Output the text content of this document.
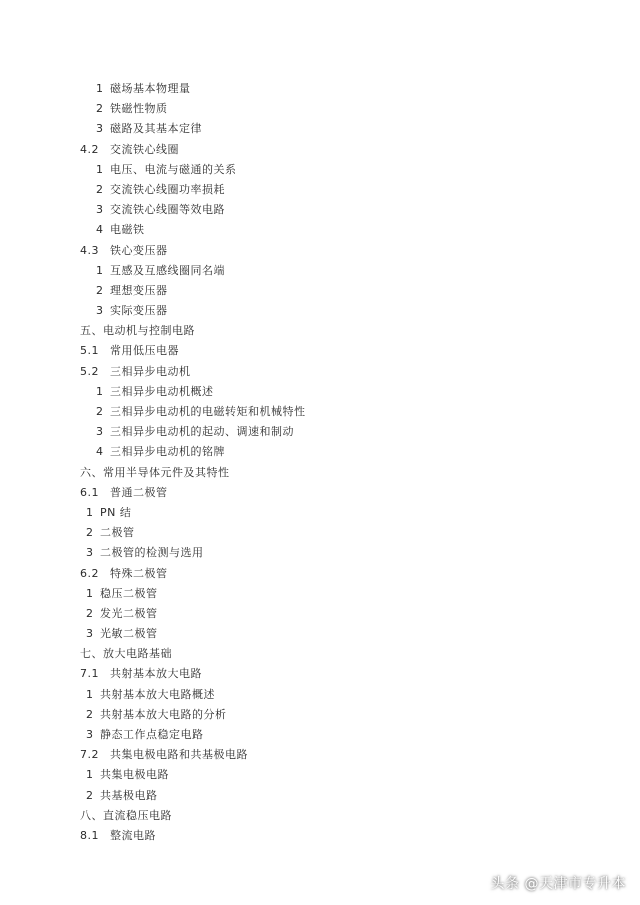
1 磁场基本物理量
2 铁磁性物质
3 磁路及其基本定律
4.2 交流铁心线圈
1 电压、电流与磁通的关系
2 交流铁心线圈功率损耗
3 交流铁心线圈等效电路
4 电磁铁
4.3 铁心变压器
1 互感及互感线圈同名端
2 理想变压器
3 实际变压器
五、电动机与控制电路
5.1 常用低压电器
5.2 三相异步电动机
1 三相异步电动机概述
2 三相异步电动机的电磁转矩和机械特性
3 三相异步电动机的起动、调速和制动
4 三相异步电动机的铭牌
六、常用半导体元件及其特性
6.1 普通二极管
1 PN 结
2 二极管
3 二极管的检测与选用
6.2 特殊二极管
1 稳压二极管
2 发光二极管
3 光敏二极管
七、放大电路基础
7.1 共射基本放大电路
1 共射基本放大电路概述
2 共射基本放大电路的分析
3 静态工作点稳定电路
7.2 共集电极电路和共基极电路
1 共集电极电路
2 共基极电路
八、直流稳压电路
8.1 整流电路
头条 @天津市专升本
